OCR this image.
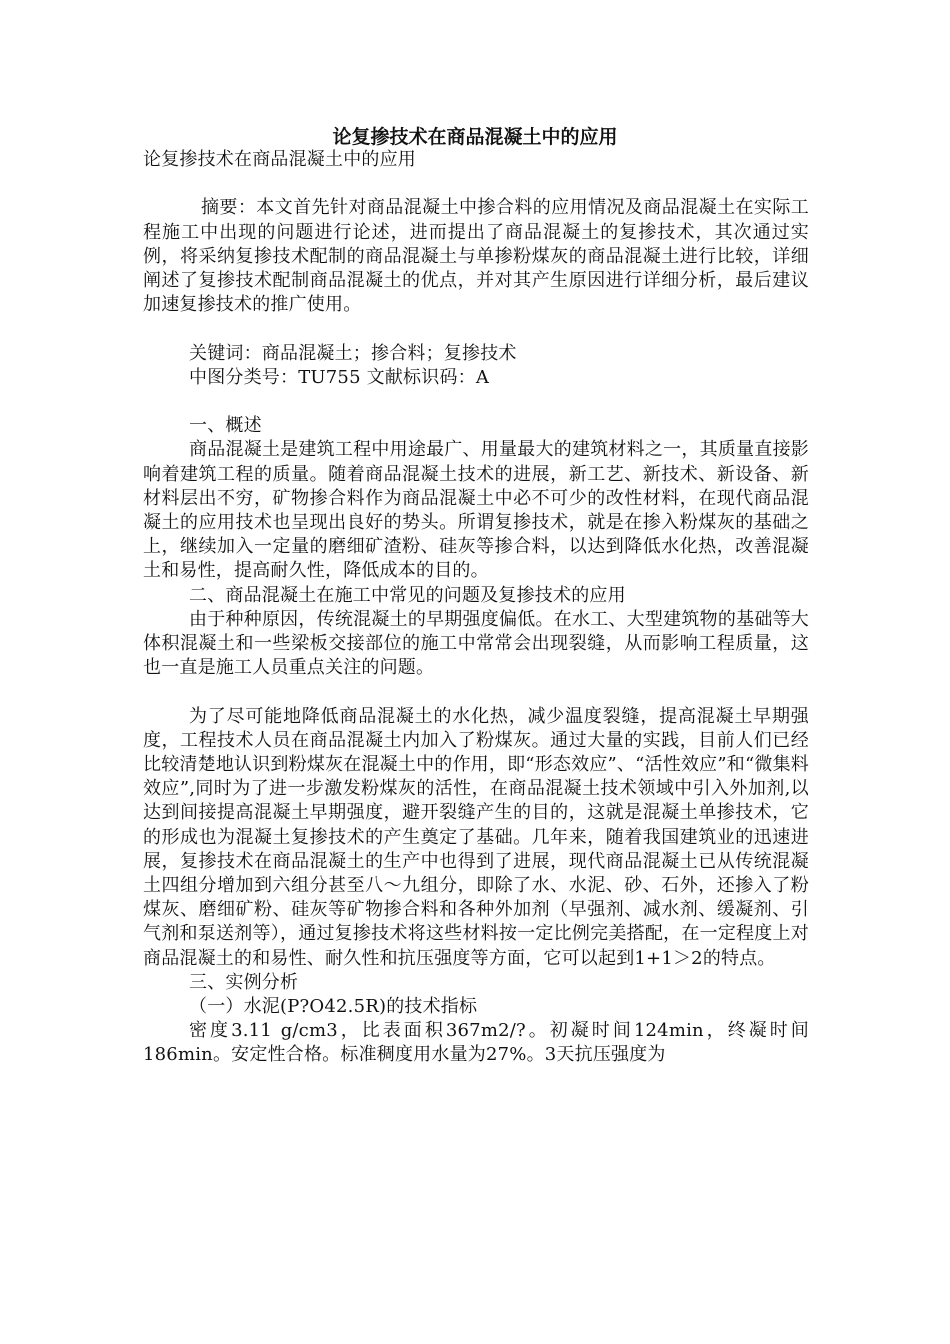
论复掺技术在商品混凝土中的应用

论复掺技术在商品混凝土中的应用

摘要：本文首先针对商品混凝土中掺合料的应用情况及商品混凝土在实际工程施工中出现的问题进行论述，进而提出了商品混凝土的复掺技术，其次通过实例，将采纳复掺技术配制的商品混凝土与单掺粉煤灰的商品混凝土进行比较，详细阐述了复掺技术配制商品混凝土的优点，并对其产生原因进行详细分析，最后建议加速复掺技术的推广使用。

关键词：商品混凝土；掺合料；复掺技术

中图分类号：TU755 文献标识码：A

一、概述

商品混凝土是建筑工程中用途最广、用量最大的建筑材料之一，其质量直接影响着建筑工程的质量。随着商品混凝土技术的进展，新工艺、新技术、新设备、新材料层出不穷，矿物掺合料作为商品混凝土中必不可少的改性材料，在现代商品混凝土的应用技术也呈现出良好的势头。所谓复掺技术，就是在掺入粉煤灰的基础之上，继续加入一定量的磨细矿渣粉、硅灰等掺合料，以达到降低水化热，改善混凝土和易性，提高耐久性，降低成本的目的。

二、商品混凝土在施工中常见的问题及复掺技术的应用

由于种种原因，传统混凝土的早期强度偏低。在水工、大型建筑物的基础等大体积混凝土和一些梁板交接部位的施工中常常会出现裂缝，从而影响工程质量，这也一直是施工人员重点关注的问题。

为了尽可能地降低商品混凝土的水化热，减少温度裂缝，提高混凝土早期强度，工程技术人员在商品混凝土内加入了粉煤灰。通过大量的实践，目前人们已经比较清楚地认识到粉煤灰在混凝土中的作用，即“形态效应”、“活性效应”和“微集料效应”,同时为了进一步激发粉煤灰的活性，在商品混凝土技术领域中引入外加剂,以达到间接提高混凝土早期强度，避开裂缝产生的目的，这就是混凝土单掺技术，它的形成也为混凝土复掺技术的产生奠定了基础。几年来，随着我国建筑业的迅速进展，复掺技术在商品混凝土的生产中也得到了进展，现代商品混凝土已从传统混凝土四组分增加到六组分甚至八～九组分，即除了水、水泥、砂、石外，还掺入了粉煤灰、磨细矿粉、硅灰等矿物掺合料和各种外加剂（早强剂、减水剂、缓凝剂、引气剂和泵送剂等），通过复掺技术将这些材料按一定比例完美搭配，在一定程度上对商品混凝土的和易性、耐久性和抗压强度等方面，它可以起到1+1＞2的特点。

三、实例分析

（一）水泥(P?O42.5R)的技术指标

密度3.11 g/cm3，比表面积367m2/?。初凝时间124min，终凝时间186min。安定性合格。标准稠度用水量为27%。3天抗压强度为
